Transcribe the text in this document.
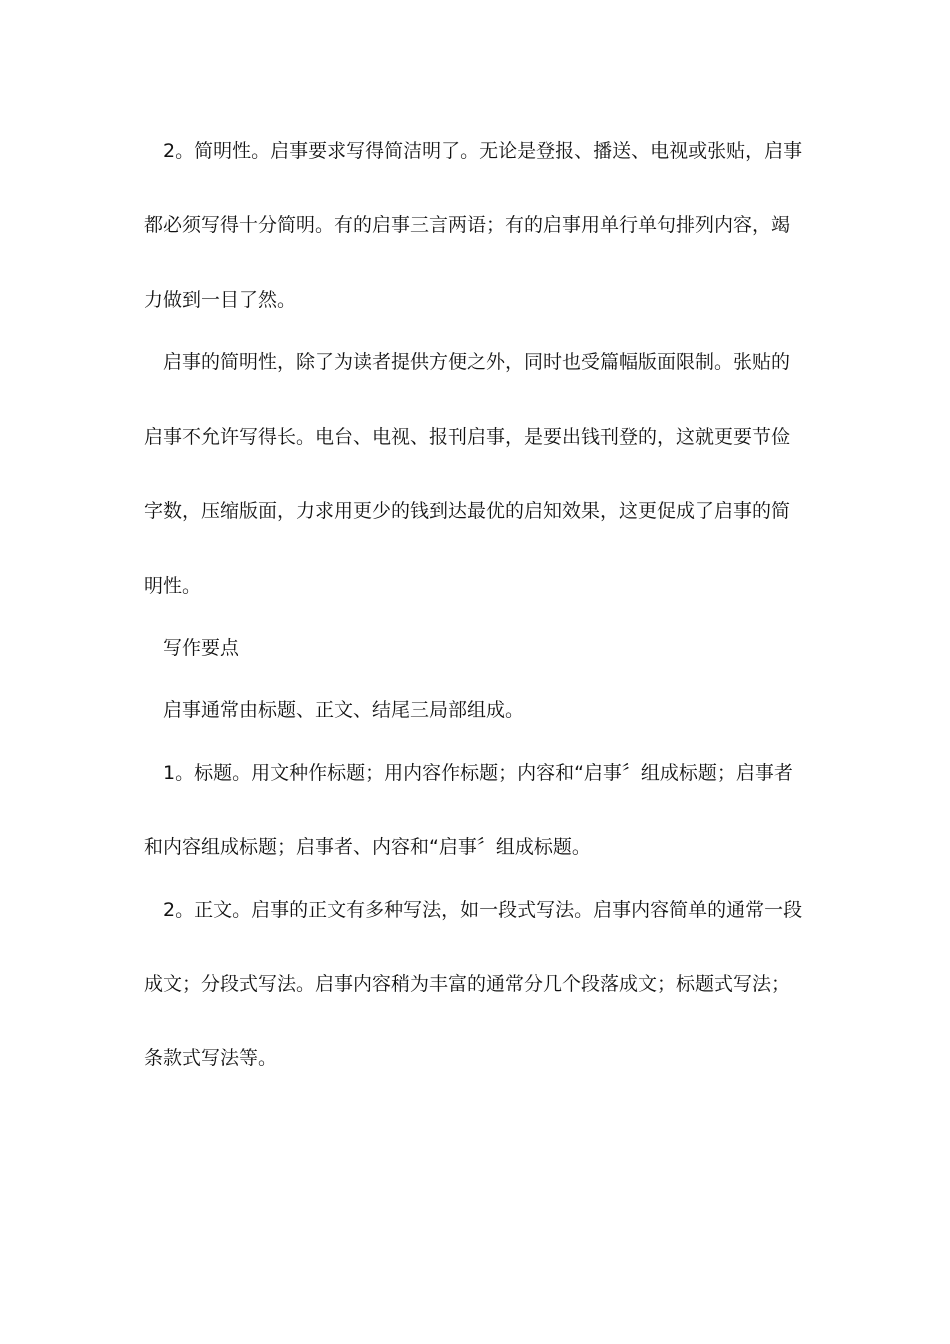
2。简明性。启事要求写得简洁明了。无论是登报、播送、电视或张贴，启事
都必须写得十分简明。有的启事三言两语；有的启事用单行单句排列内容，竭
力做到一目了然。
启事的简明性，除了为读者提供方便之外，同时也受篇幅版面限制。张贴的
启事不允许写得长。电台、电视、报刊启事，是要出钱刊登的，这就更要节俭
字数，压缩版面，力求用更少的钱到达最优的启知效果，这更促成了启事的简
明性。
写作要点
启事通常由标题、正文、结尾三局部组成。
1。标题。用文种作标题；用内容作标题；内容和“启事〞组成标题；启事者
和内容组成标题；启事者、内容和“启事〞组成标题。
2。正文。启事的正文有多种写法，如一段式写法。启事内容简单的通常一段
成文；分段式写法。启事内容稍为丰富的通常分几个段落成文；标题式写法；
条款式写法等。
